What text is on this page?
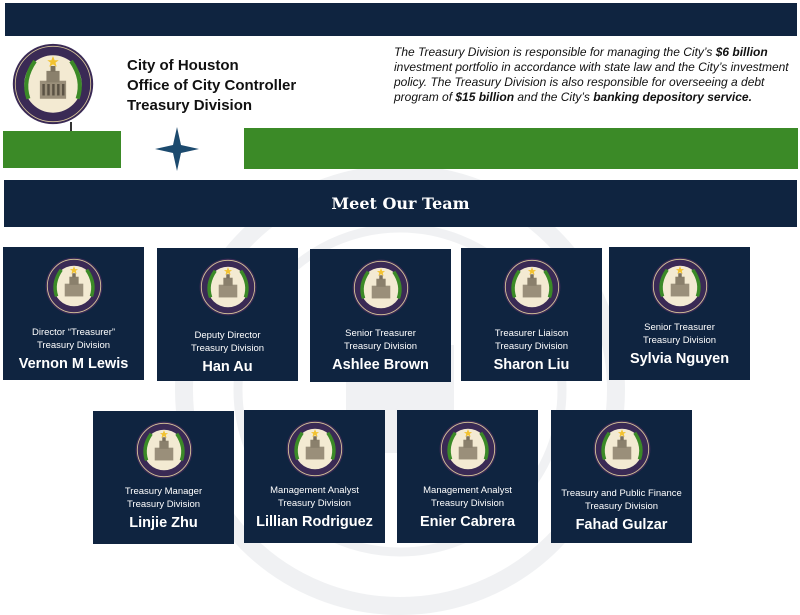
City of Houston
Office of City Controller
Treasury Division
The Treasury Division is responsible for managing the City’s $6 billion investment portfolio in accordance with state law and the City’s investment policy. The Treasury Division is also responsible for overseeing a debt program of $15 billion and the City’s banking depository service.
Meet Our Team
Director “Treasurer”
Treasury Division
Vernon M Lewis
Deputy Director
Treasury Division
Han Au
Senior Treasurer
Treasury Division
Ashlee Brown
Treasurer Liaison
Treasury Division
Sharon Liu
Senior Treasurer
Treasury Division
Sylvia Nguyen
Treasury Manager
Treasury Division
Linjie Zhu
Management Analyst
Treasury Division
Lillian Rodriguez
Management Analyst
Treasury Division
Enier Cabrera
Treasury and Public Finance
Treasury Division
Fahad Gulzar
